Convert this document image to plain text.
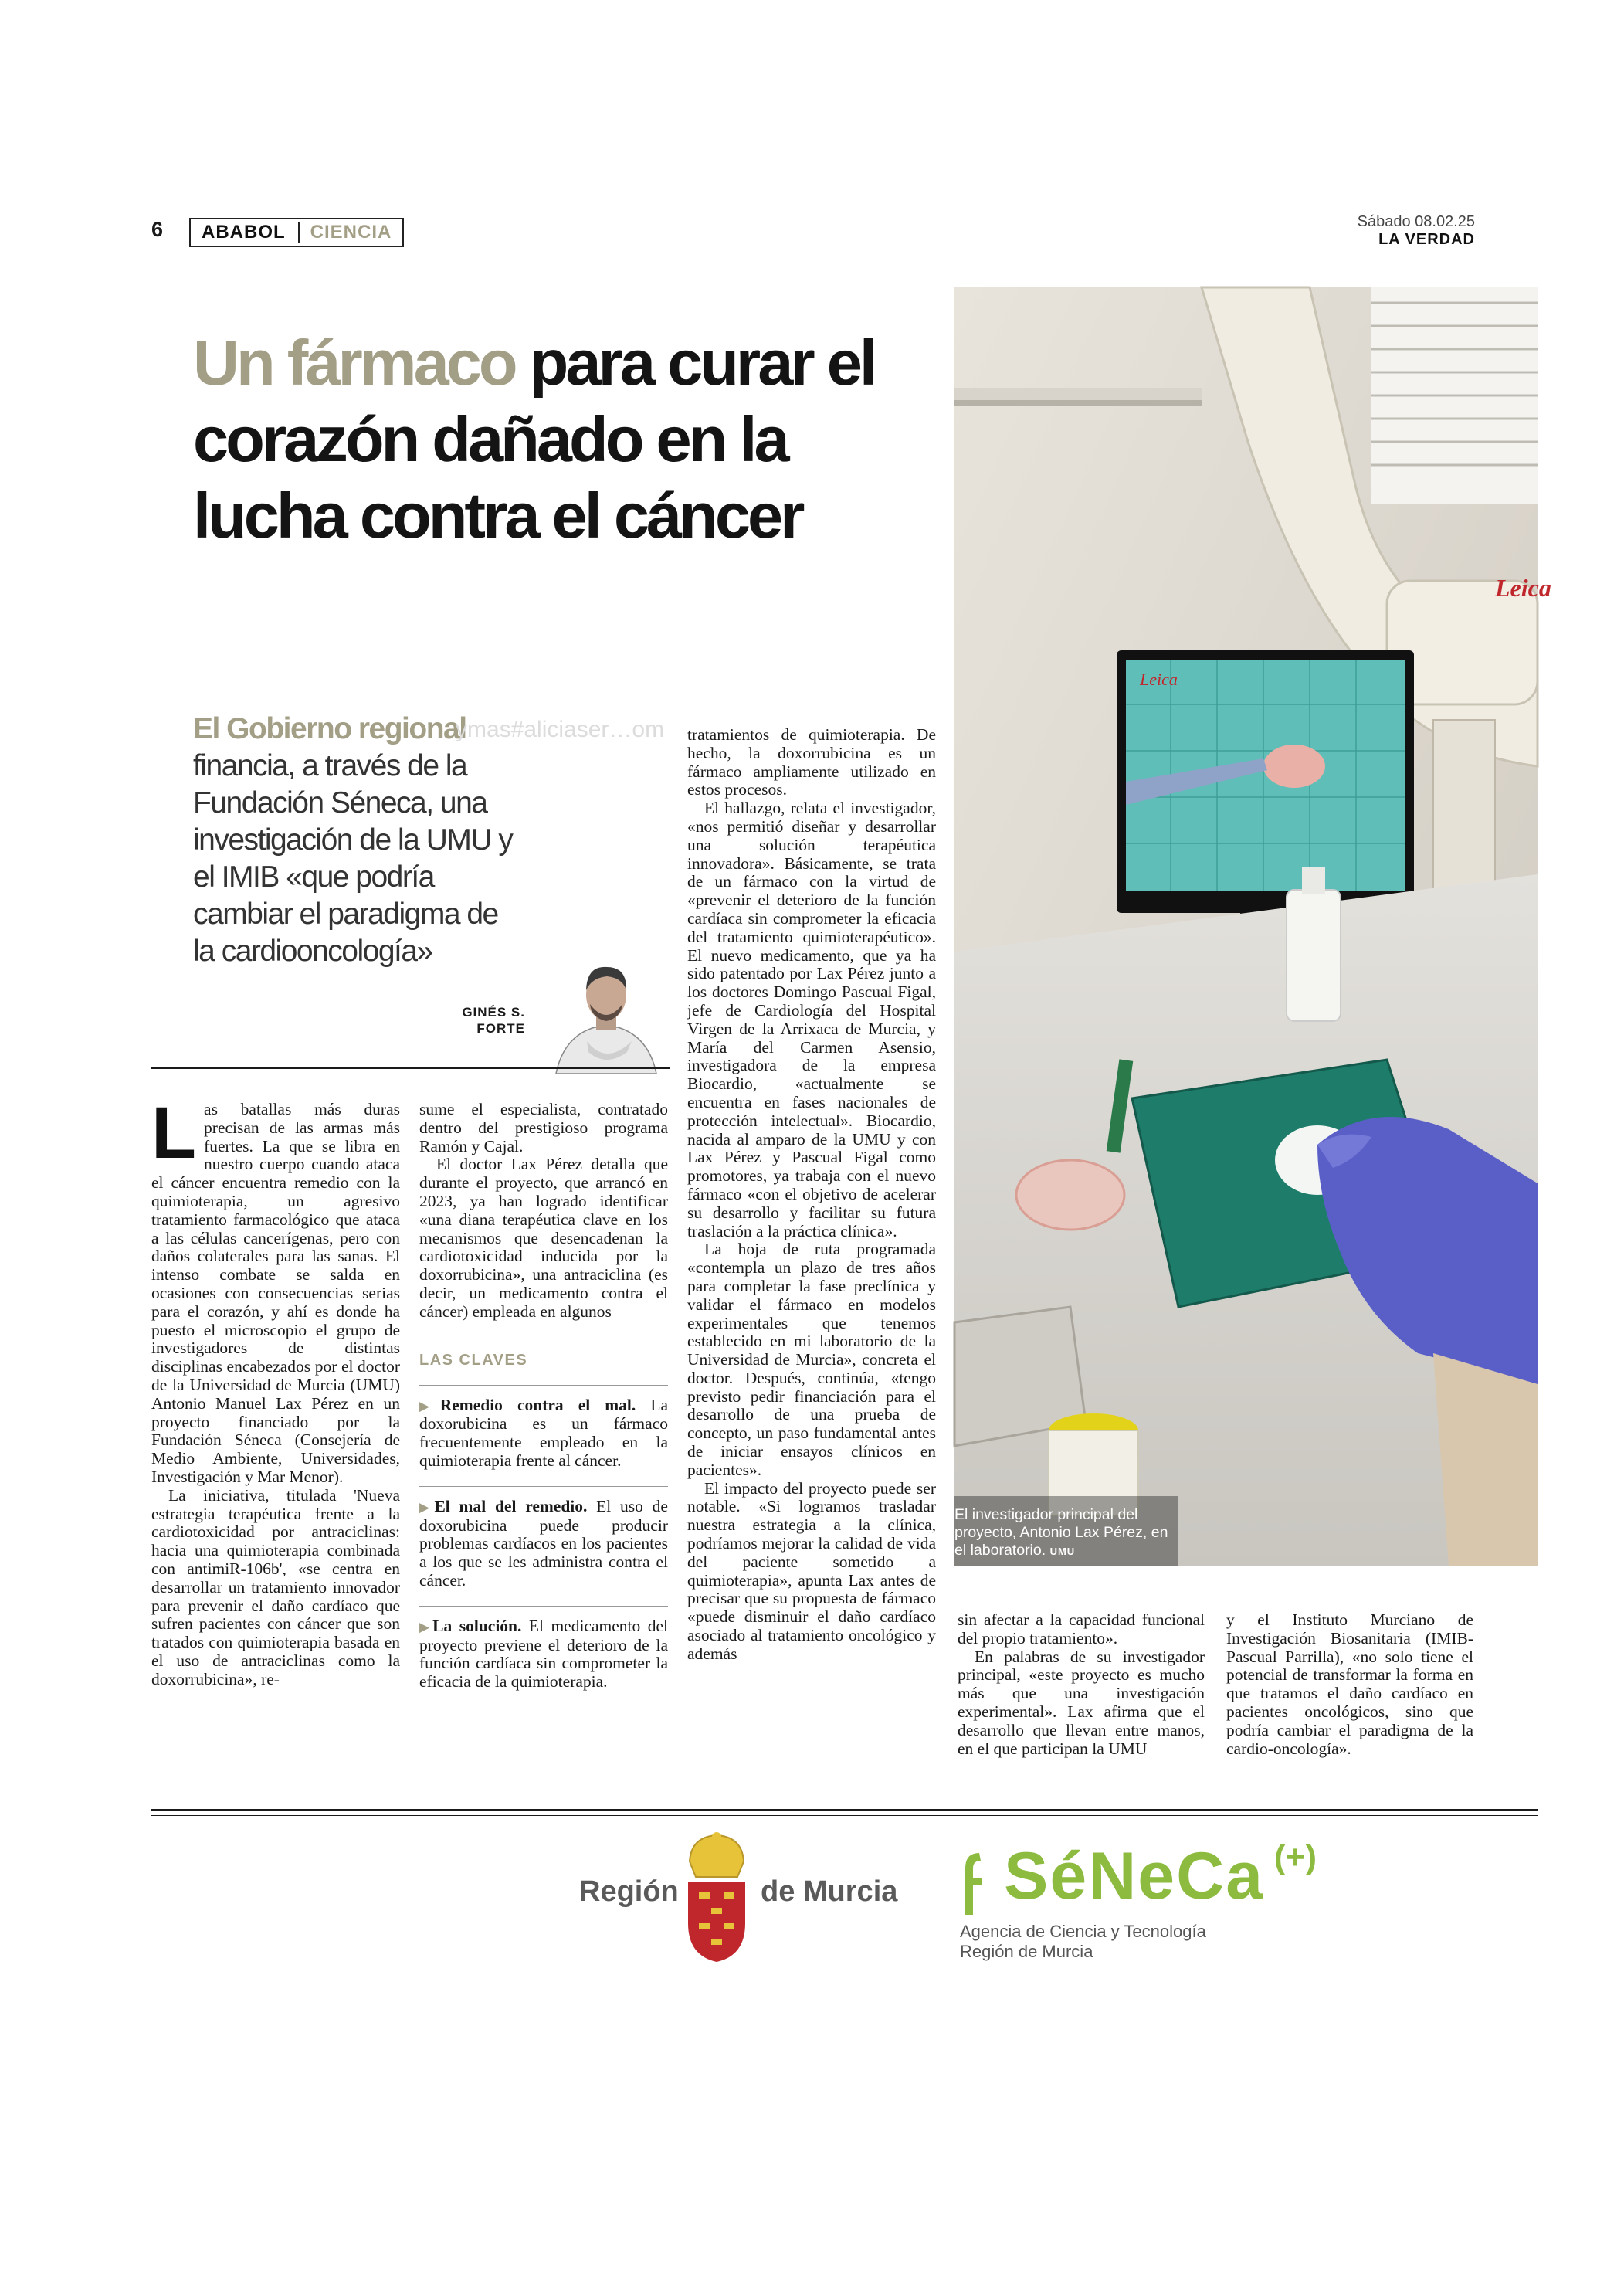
6	ABABOL	CIENCIA	Sábado 08.02.25
LA VERDAD
Un fármaco para curar el corazón dañado en la lucha contra el cáncer

El Gobierno regional financia, a través de la Fundación Séneca, una investigación de la UMU y el IMIB «que podría cambiar el paradigma de la cardiooncología»

ymas#aliciaser…om
GINÉS S.
FORTE
L as batallas más duras precisan de las armas más fuertes. La que se libra en nuestro cuerpo cuando ataca el cáncer encuentra remedio con la quimioterapia, un agresivo tratamiento farmacológico que ataca a las células cancerígenas, pero con daños colaterales para las sanas. El intenso combate se salda en ocasiones con consecuencias serias para el corazón, y ahí es donde ha puesto el microscopio el grupo de investigadores de distintas disciplinas encabezados por el doctor de la Universidad de Murcia (UMU) Antonio Manuel Lax Pérez en un proyecto financiado por la Fundación Séneca (Consejería de Medio Ambiente, Universidades, Investigación y Mar Menor).

La iniciativa, titulada 'Nueva estrategia terapéutica frente a la cardiotoxicidad por antraciclinas: hacia una quimioterapia combinada con antimiR-106b', «se centra en desarrollar un tratamiento innovador para prevenir el daño cardíaco que sufren pacientes con cáncer que son tratados con quimioterapia basada en el uso de antraciclinas como la doxorrubicina», re-

sume el especialista, contratado dentro del prestigioso programa Ramón y Cajal.

El doctor Lax Pérez detalla que durante el proyecto, que arrancó en 2023, ya han logrado identificar «una diana terapéutica clave en los mecanismos que desencadenan la cardiotoxicidad inducida por la doxorrubicina», una antraciclina (es decir, un medicamento contra el cáncer) empleada en algunos

LAS CLAVES
▶Remedio contra el mal. La doxorubicina es un fármaco frecuentemente empleado en la quimioterapia frente al cáncer.
▶El mal del remedio. El uso de doxorubicina puede producir problemas cardíacos en los pacientes a los que se les administra contra el cáncer.
▶La solución. El medicamento del proyecto previene el deterioro de la función cardíaca sin comprometer la eficacia de la quimioterapia.

tratamientos de quimioterapia. De hecho, la doxorrubicina es un fármaco ampliamente utilizado en estos procesos.

El hallazgo, relata el investigador, «nos permitió diseñar y desarrollar una solución terapéutica innovadora». Básicamente, se trata de un fármaco con la virtud de «prevenir el deterioro de la función cardíaca sin comprometer la eficacia del tratamiento quimioterapéutico». El nuevo medicamento, que ya ha sido patentado por Lax Pérez junto a los doctores Domingo Pascual Figal, jefe de Cardiología del Hospital Virgen de la Arrixaca de Murcia, y María del Carmen Asensio, investigadora de la empresa Biocardio, «actualmente se encuentra en fases nacionales de protección intelectual». Biocardio, nacida al amparo de la UMU y con Lax Pérez y Pascual Figal como promotores, ya trabaja con el nuevo fármaco «con el objetivo de acelerar su desarrollo y facilitar su futura traslación a la práctica clínica».

La hoja de ruta programada «contempla un plazo de tres años para completar la fase preclínica y validar el fármaco en modelos experimentales que tenemos establecido en mi laboratorio de la Universidad de Murcia», concreta el doctor. Después, continúa, «tengo previsto pedir financiación para el desarrollo de una prueba de concepto, un paso fundamental antes de iniciar ensayos clínicos en pacientes».

El impacto del proyecto puede ser notable. «Si logramos trasladar nuestra estrategia a la clínica, podríamos mejorar la calidad de vida del paciente sometido a quimioterapia», apunta Lax antes de precisar que su propuesta de fármaco «puede disminuir el daño cardíaco asociado al tratamiento oncológico y además

sin afectar a la capacidad funcional del propio tratamiento».

En palabras de su investigador principal, «este proyecto es mucho más que una investigación experimental». Lax afirma que el desarrollo que llevan entre manos, en el que participan la UMU

y el Instituto Murciano de Investigación Biosanitaria (IMIB-Pascual Parrilla), «no solo tiene el potencial de transformar la forma en que tratamos el daño cardíaco en pacientes oncológicos, sino que podría cambiar el paradigma de la cardio-oncología».

Leica
Leica
El investigador principal del proyecto, Antonio Lax Pérez, en el laboratorio. UMU
Región	de Murcia SéNeCa (+)
Agencia de Ciencia y Tecnología
Región de Murcia
